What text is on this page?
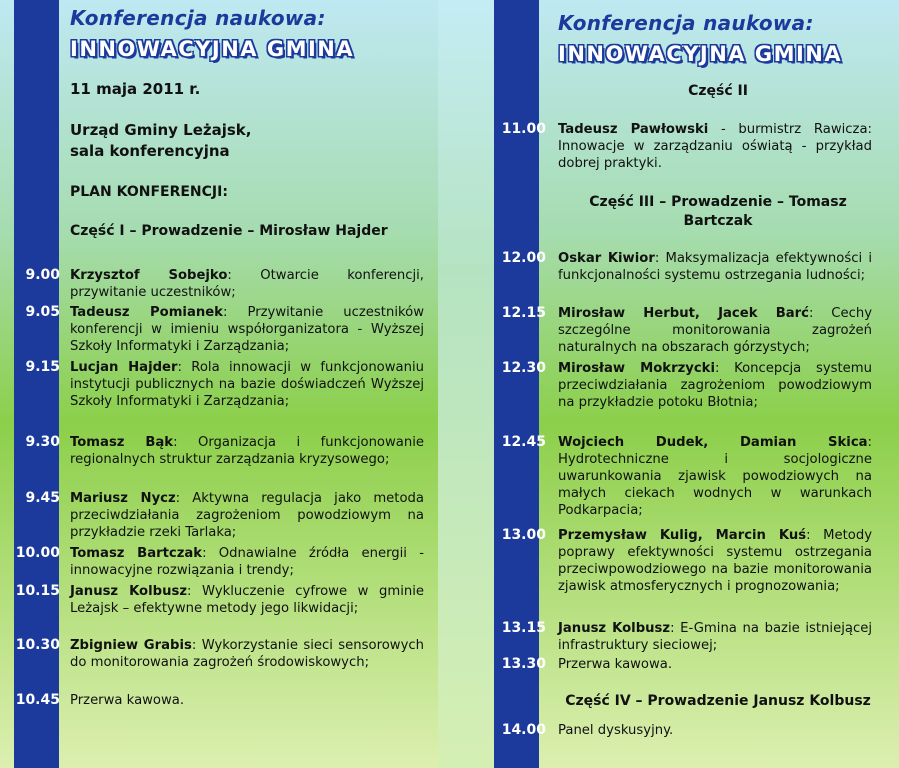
Konferencja naukowa:
INNOWACYJNA GMINA
11 maja 2011 r.
Urząd Gminy Leżajsk,
sala konferencyjna
PLAN KONFERENCJI:
Część I – Prowadzenie – Mirosław Hajder
9.00 Krzysztof Sobejko: Otwarcie konferencji, przywitanie uczestników;
9.05 Tadeusz Pomianek: Przywitanie uczestników konferencji w imieniu współorganizatora - Wyższej Szkoły Informatyki i Zarządzania;
9.15 Lucjan Hajder: Rola innowacji w funkcjonowaniu instytucji publicznych na bazie doświadczeń Wyższej Szkoły Informatyki i Zarządzania;
9.30 Tomasz Bąk: Organizacja i funkcjonowanie regionalnych struktur zarządzania kryzysowego;
9.45 Mariusz Nycz: Aktywna regulacja jako metoda przeciwdziałania zagrożeniom powodziowym na przykładzie rzeki Tarlaka;
10.00 Tomasz Bartczak: Odnawialne źródła energii - innowacyjne rozwiązania i trendy;
10.15 Janusz Kolbusz: Wykluczenie cyfrowe w gminie Leżajsk – efektywne metody jego likwidacji;
10.30 Zbigniew Grabis: Wykorzystanie sieci sensorowych do monitorowania zagrożeń środowiskowych;
10.45 Przerwa kawowa.
Konferencja naukowa:
INNOWACYJNA GMINA
Część II
11.00 Tadeusz Pawłowski - burmistrz Rawicza: Innowacje w zarządzaniu oświatą - przykład dobrej praktyki.
Część III – Prowadzenie – Tomasz Bartczak
12.00 Oskar Kiwior: Maksymalizacja efektywności i funkcjonalności systemu ostrzegania ludności;
12.15 Mirosław Herbut, Jacek Barć: Cechy szczególne monitorowania zagrożeń naturalnych na obszarach górzystych;
12.30 Mirosław Mokrzycki: Koncepcja systemu przeciwdziałania zagrożeniom powodziowym na przykładzie potoku Błotnia;
12.45 Wojciech Dudek, Damian Skica: Hydrotechniczne i socjologiczne uwarunkowania zjawisk powodziowych na małych ciekach wodnych w warunkach Podkarpacia;
13.00 Przemysław Kulig, Marcin Kuś: Metody poprawy efektywności systemu ostrzegania przeciwpowodziowego na bazie monitorowania zjawisk atmosferycznych i prognozowania;
13.15 Janusz Kolbusz: E-Gmina na bazie istniejącej infrastruktury sieciowej;
13.30 Przerwa kawowa.
Część IV – Prowadzenie Janusz Kolbusz
14.00 Panel dyskusyjny.
